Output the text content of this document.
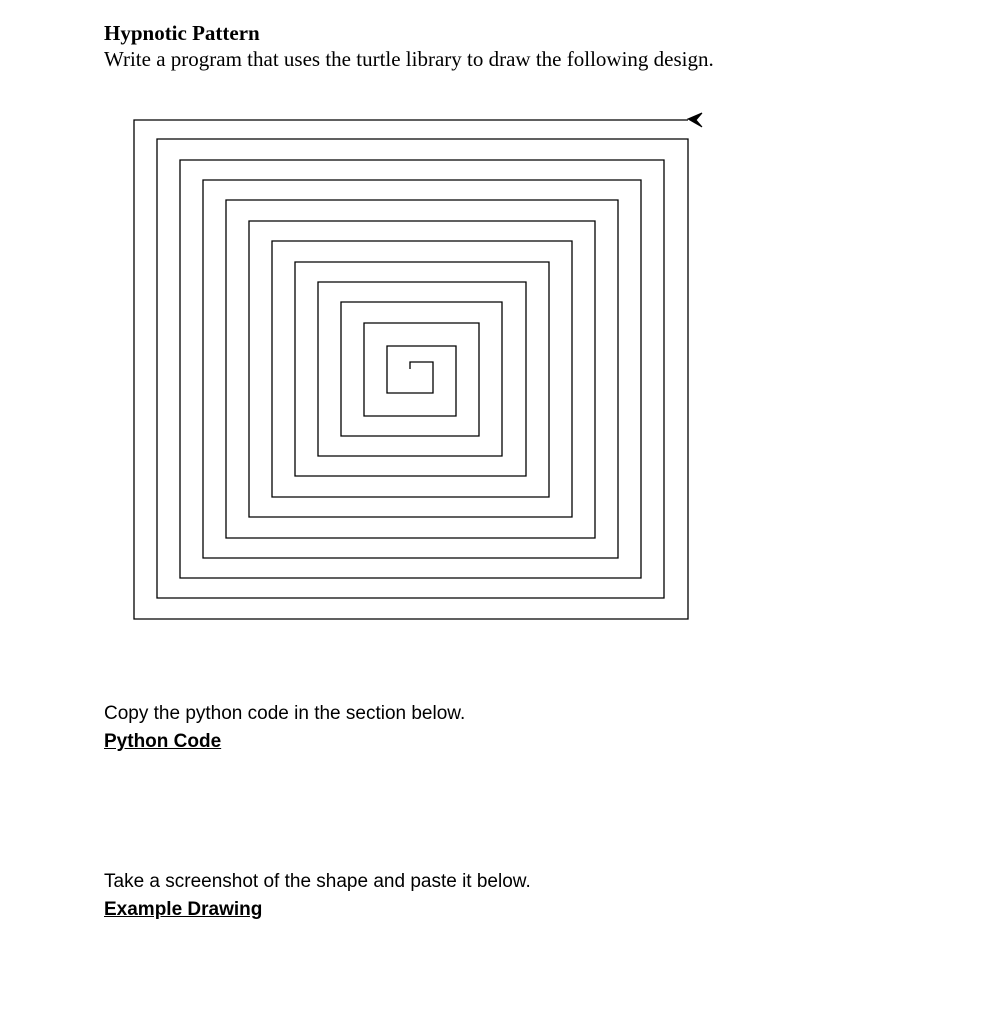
Hypnotic Pattern
Write a program that uses the turtle library to draw the following design.
Copy the python code in the section below.
Python Code
Take a screenshot of the shape and paste it below.
Example Drawing
